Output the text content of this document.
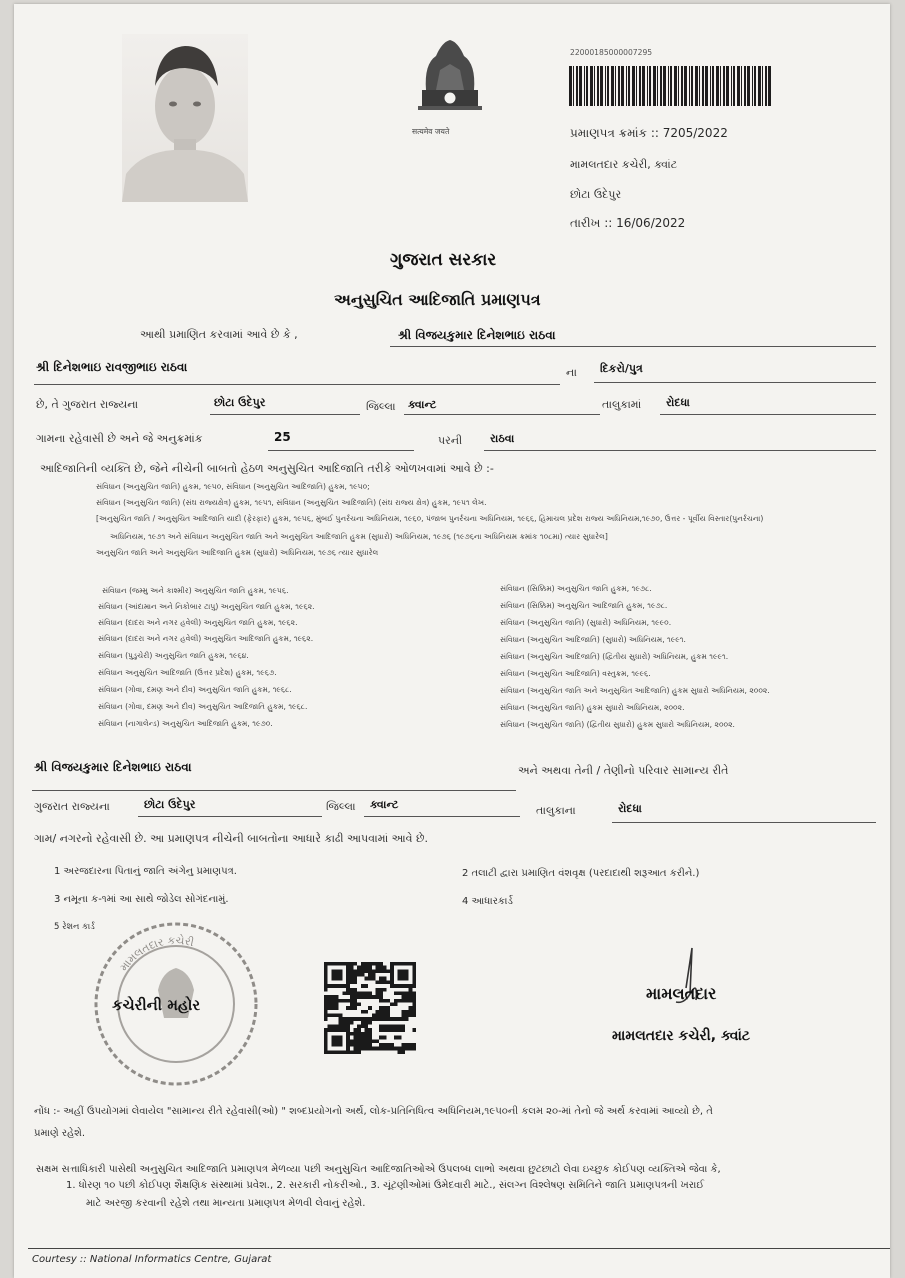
सत्यमेव जयते
22000185000007295
પ્રમાણપત્ર ક્રમાંક :: 7205/2022
મામલતદાર કચેરી, ક્વાંટ
છોટા ઉદેપુર
તારીખ :: 16/06/2022
ગુજરાત સરકાર
અનુસુચિત આદિજાતિ પ્રમાણપત્ર
આથી પ્રમાણિત કરવામાં આવે છે કે ,	શ્રી વિજયકુમાર દિનેશભાઇ રાઠવા
શ્રી દિનેશભાઇ રાવજીભાઇ રાઠવા	ના દિકરો/પુત્ર
છે, તે ગુજરાત રાજ્યના	છોટા ઉદેપુર	જિલ્લા ક્વાન્ટ	તાલુકામાં રોદધા
ગામના રહેવાસી છે અને જે અનુક્રમાંક	25	પરની	રાઠવા
આદિજાતિની વ્યક્તિ છે, જેને નીચેની બાબતો હેઠળ અનુસુચિત આદિજાતિ તરીકે ઓળખવામાં આવે છે :-
સંવિધાન (અનુસુચિત જાતિ) હુકમ, ૧૯૫૦, સંવિધાન (અનુસુચિત આદિજાતિ) હુકમ, ૧૯૫૦;
સંવિધાન (અનુસુચિત જાતિ) (સંઘ રાજ્યક્ષેત્ર) હુકમ, ૧૯૫૧, સંવિધાન (અનુસુચિત આદિજાતિ) (સંઘ રાજ્ય ક્ષેત્ર) હુકમ, ૧૯૫૧ લેખ.
[અનુસુચિત જાતિ / અનુસુચિત આદિજાતિ યાદી (ફેરફાર) હુકમ, ૧૯૫૬, મુંબઈ પુનર્રચના અધિનિયમ, ૧૯૬૦, પંજાબ પુનર્રચના અધિનિયમ, ૧૯૬૬, હિમાચલ પ્રદેશ રાજ્ય અધિનિયમ,૧૯૭૦, ઉત્તર - પૂર્વીય વિસ્તાર(પુનર્રચના)
અધિનિયમ, ૧૯૭૧ અને સંવિધાન અનુસુચિત જાતિ અને અનુસુચિત આદિજાતિ હુકમ (સુધારો) અધિનિયમ, ૧૯૭૬ (૧૯૭૬ના અધિનિયમ ક્રમાંક ૧૦૮મા) ત્યાર સુધારેલ]
અનુસુચિત જાતિ અને અનુસુચિત આદિજાતિ હુકમ (સુધારો) અધિનિયમ, ૧૯૭૬ ત્યાર સુધારેલ
સંવિધાન (જમ્મુ અને કાશ્મીર) અનુસુચિત જાતિ હુકમ, ૧૯૫૬.
સંવિધાન (આંદામાન અને નિકોબાર ટાપુ) અનુસુચિત જાતિ હુકમ, ૧૯૬૨.
સંવિધાન (દાદરા અને નગર હવેલી) અનુસુચિત જાતિ હુકમ, ૧૯૬૨.
સંવિધાન (દાદરા અને નગર હવેલી) અનુસુચિત આદિજાતિ હુકમ, ૧૯૬૨.
સંવિધાન (પુડુચેરી) અનુસુચિત જાતિ હુકમ, ૧૯૬૪.
સંવિધાન અનુસુચિત આદિજાતિ (ઉત્તર પ્રદેશ) હુકમ, ૧૯૬૭.
સંવિધાન (ગોવા, દમણ અને દીવ) અનુસુચિત જાતિ હુકમ, ૧૯૬૮.
સંવિધાન (ગોવા, દમણ અને દીવ) અનુસુચિત આદિજાતિ હુકમ, ૧૯૬૮.
સંવિધાન (નાગાલેન્ડ) અનુસુચિત આદિજાતિ હુકમ, ૧૯૭૦.
સંવિધાન (સિક્કિમ) અનુસુચિત જાતિ હુકમ, ૧૯૭૮.
સંવિધાન (સિક્કિમ) અનુસુચિત આદિજાતિ હુકમ, ૧૯૭૮.
સંવિધાન (અનુસુચિત જાતિ) (સુધારો) અધિનિયમ, ૧૯૯૦.
સંવિધાન (અનુસુચિત આદિજાતિ) (સુધારો) અધિનિયમ, ૧૯૯૧.
સંવિધાન (અનુસુચિત આદિજાતિ) (દ્વિતીય સુધારો) અધિનિયમ, હુકમ ૧૯૯૧.
સંવિધાન (અનુસુચિત આદિજાતિ) વસ્તુક્રમ, ૧૯૯૬.
સંવિધાન (અનુસુચિત જાતિ અને અનુસુચિત આદિજાતિ) હુકમ સુધારો અધિનિયમ, ૨૦૦૨.
સંવિધાન (અનુસુચિત જાતિ) હુકમ સુધારો અધિનિયમ, ૨૦૦૨.
સંવિધાન (અનુસુચિત જાતિ) (દ્વિતીય સુધારો) હુકમ સુધારો અધિનિયમ, ૨૦૦૨.
શ્રી વિજયકુમાર દિનેશભાઇ રાઠવા	અને અથવા તેની / તેણીનો પરિવાર સામાન્ય રીતે
ગુજરાત રાજ્યના	છોટા ઉદેપુર	જિલ્લા ક્વાન્ટ	તાલુકાના	રોદધા
ગામ/ નગરનો રહેવાસી છે. આ પ્રમાણપત્ર નીચેની બાબતોના આધારે કાઢી આપવામાં આવે છે.
1 અરજદારના પિતાનું જાતિ અંગેનુ પ્રમાણપત્ર.	2 તલાટી દ્વારા પ્રમાણિત વંશવૃક્ષ (પરદાદાથી શરૂઆત કરીને.)
3 નમૂના ક-૧માં આ સાથે જોડેલ સોગંદનામું.	4 આધારકાર્ડ
5 રેશન કાર્ડ
મામલતદાર કચેરી
કચેરીની મહોર
મામલતદાર
મામલતદાર કચેરી, ક્વાંટ
નોંધ :- અહીં ઉપયોગમાં લેવાયેલ "સામાન્ય રીતે રહેવાસી(ઓ) " શબ્દપ્રયોગનો અર્થ, લોક-પ્રતિનિધિત્વ અધિનિયમ,૧૯૫૦ની કલમ ૨૦-માં તેનો જે અર્થ કરવામાં આવ્યો છે, તે
પ્રમાણે રહેશે.
સક્ષમ સત્તાધિકારી પાસેથી અનુસુચિત આદિજાતિ પ્રમાણપત્ર મેળવ્યા પછી અનુસુચિત આદિજાતિઓએ ઉપલબ્ધ લાભો અથવા છુટછાટો લેવા ઇચ્છુક કોઈપણ વ્યક્તિએ જેવા કે,
1. ધોરણ ૧૦ પછી કોઈપણ શૈક્ષણિક સંસ્થામાં પ્રવેશ., 2. સરકારી નોકરીઓ., 3. ચૂંટણીઓમાં ઉમેદવારી માટે., સંલગ્ન વિશ્લેષણ સમિતિને જાતિ પ્રમાણપત્રની ખરાઈ
માટે અરજી કરવાની રહેશે તથા માન્યતા પ્રમાણપત્ર મેળવી લેવાનું રહેશે.
Courtesy :: National Informatics Centre, Gujarat
